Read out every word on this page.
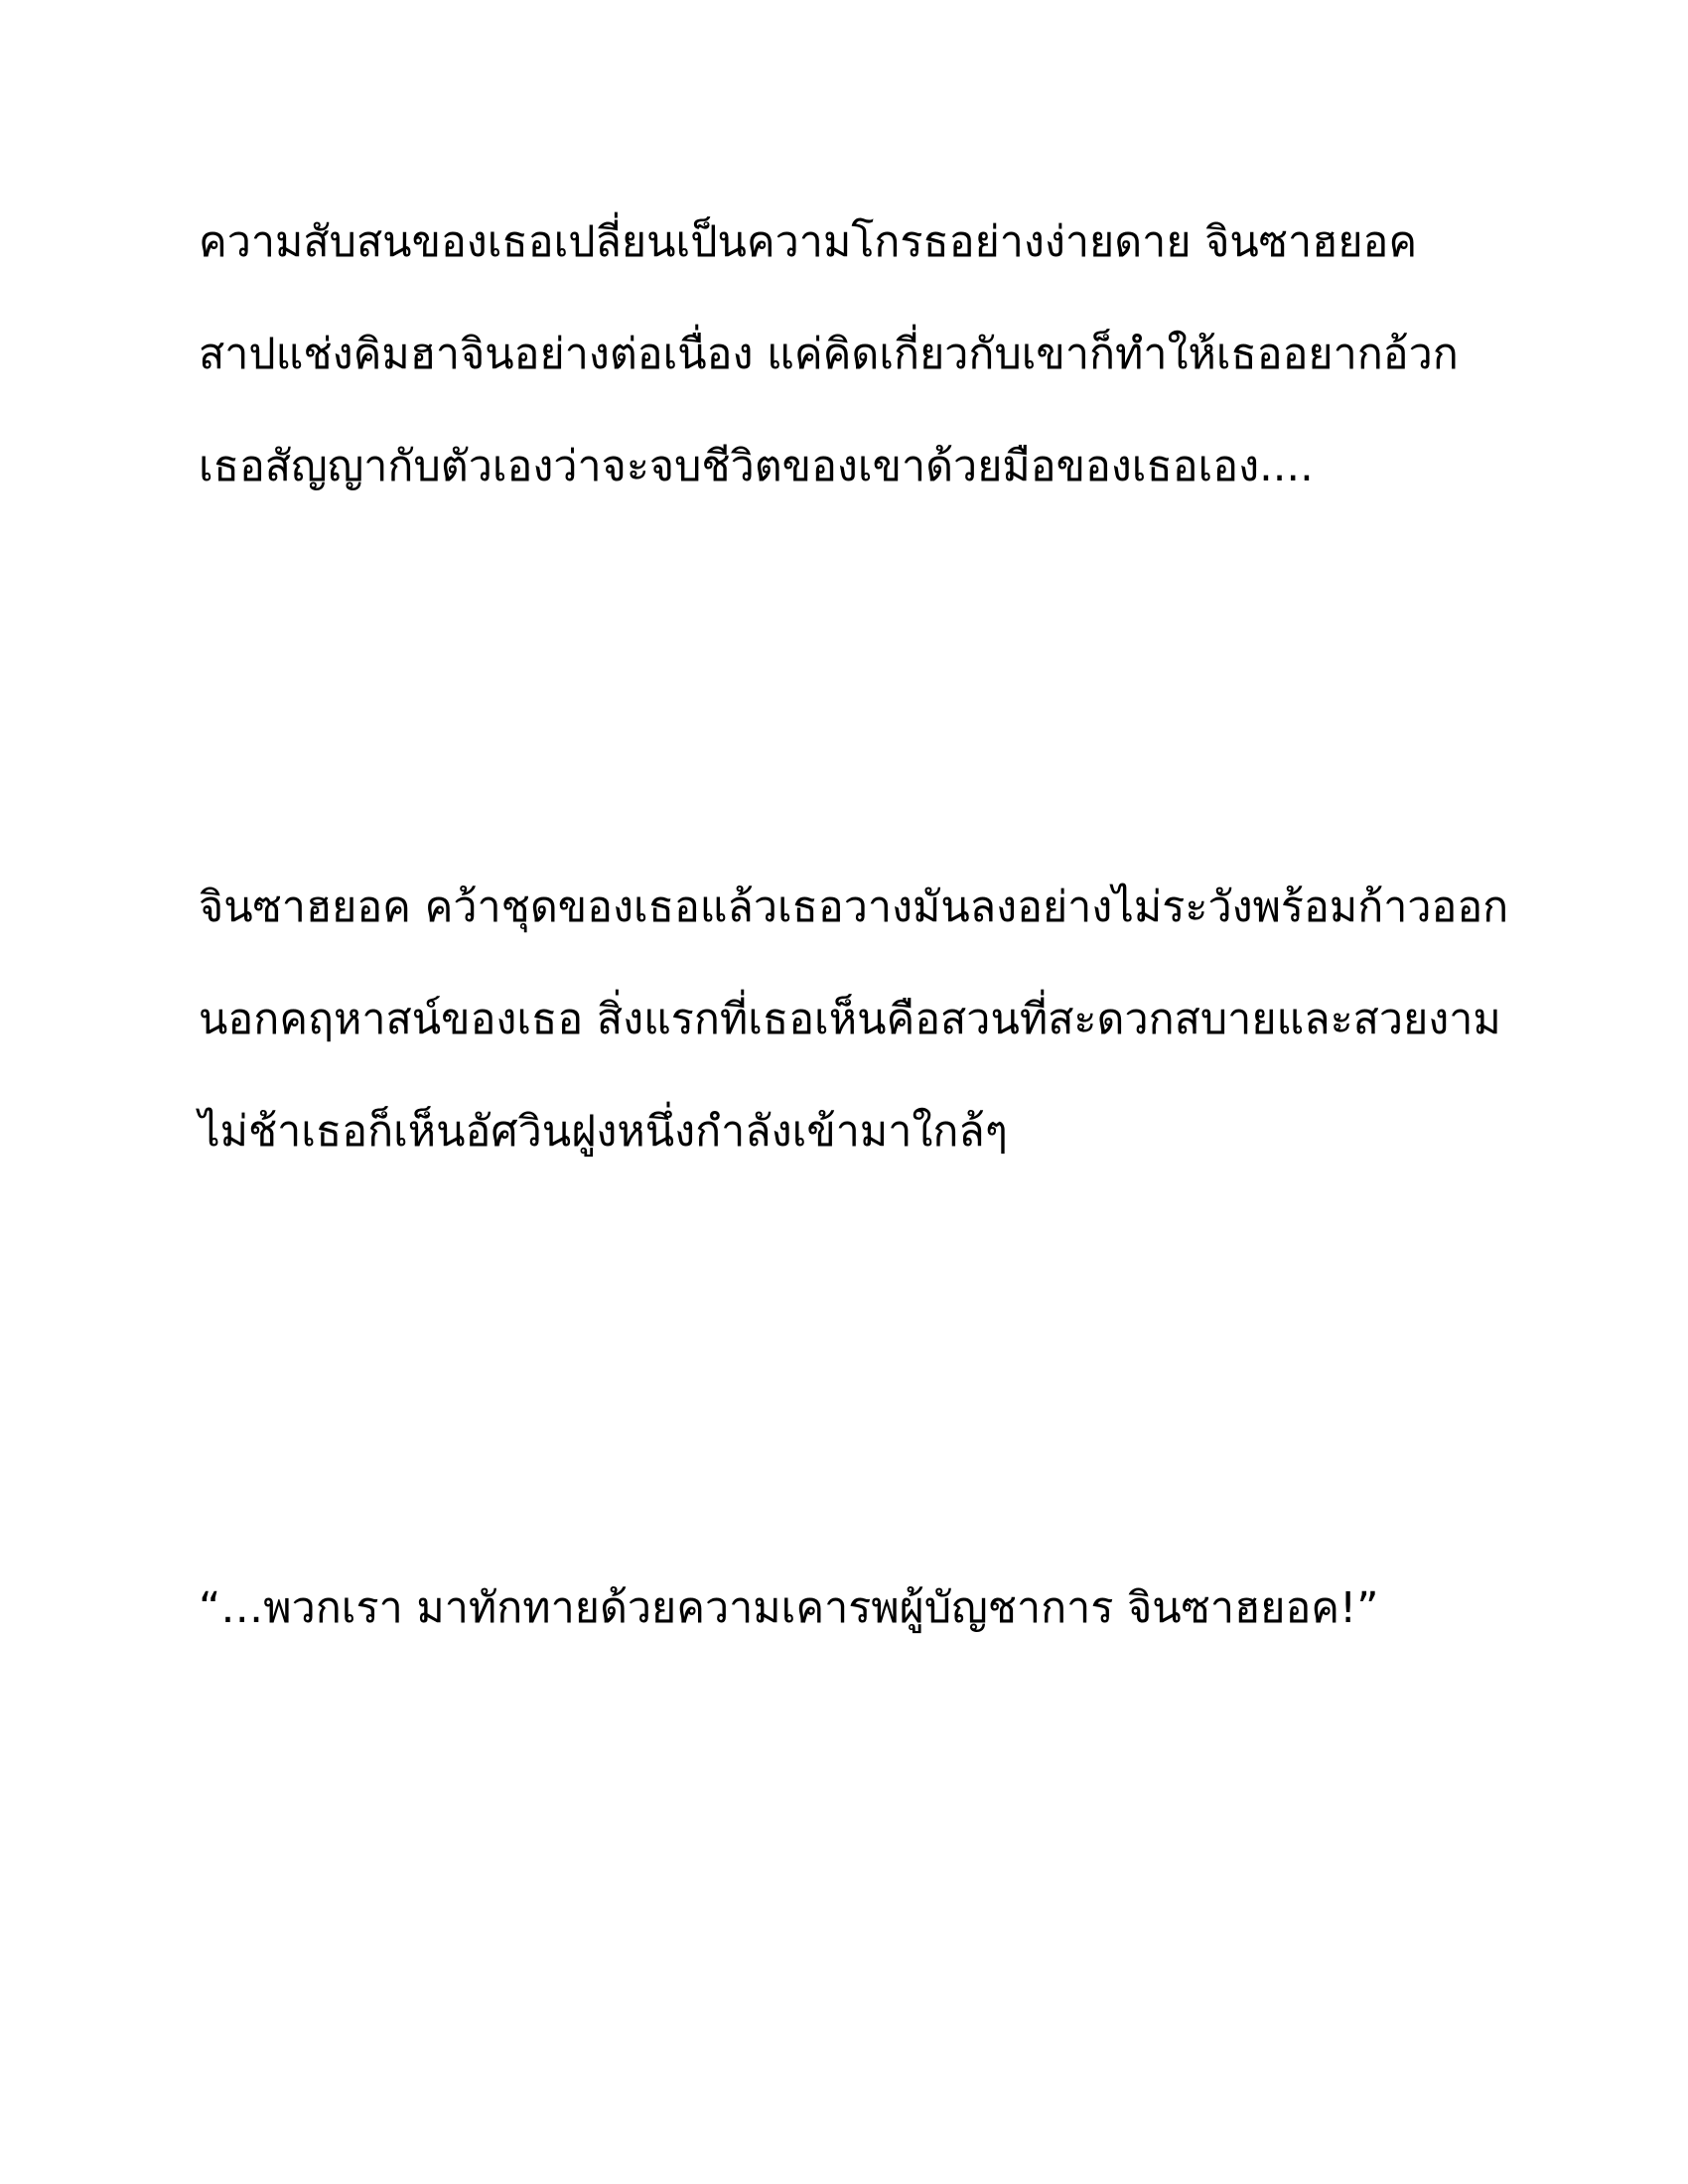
ความสับสนของเธอเปลี่ยนเป็นความโกรธอย่างง่ายดาย จินซาฮยอค
สาปแช่งคิมฮาจินอย่างต่อเนื่อง แค่คิดเกี่ยวกับเขาก็ทำให้เธออยากอ้วก
เธอสัญญากับตัวเองว่าจะจบชีวิตของเขาด้วยมือของเธอเอง....
จินซาฮยอค คว้าชุดของเธอแล้วเธอวางมันลงอย่างไม่ระวังพร้อมก้าวออก
นอกคฤหาสน์ของเธอ สิ่งแรกที่เธอเห็นคือสวนที่สะดวกสบายและสวยงาม
ไม่ช้าเธอก็เห็นอัศวินฝูงหนึ่งกำลังเข้ามาใกล้ๆ
“…พวกเรา มาทักทายด้วยความเคารพผู้บัญชาการ จินซาฮยอค!”
